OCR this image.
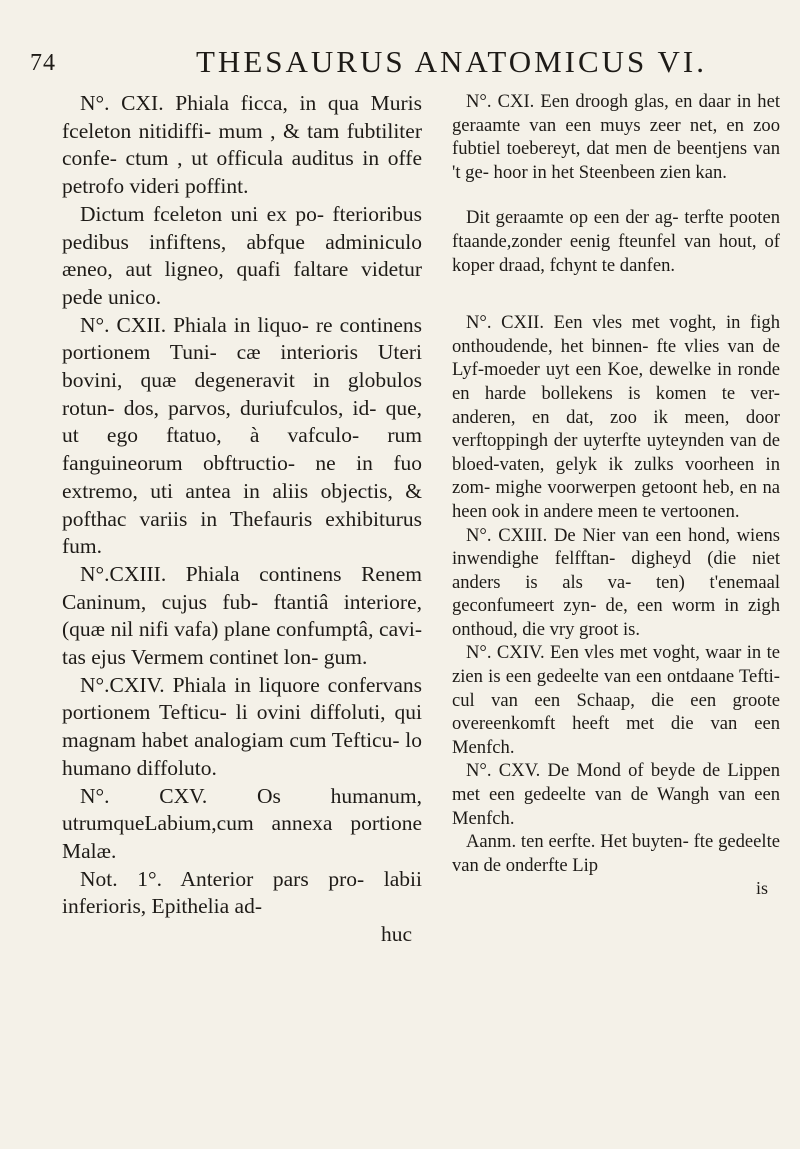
74	THESAURUS ANATOMICUS VI.

N°. CXI. Phiala ficca, in qua Muris fceleton nitidiffi- mum , & tam fubtiliter confe- ctum , ut officula auditus in offe petrofo videri poffint.

Dictum fceleton uni ex po- fterioribus pedibus infiftens, abfque adminiculo æneo, aut ligneo, quafi faltare videtur pede unico.

N°. CXII. Phiala in liquo- re continens portionem Tuni- cæ interioris Uteri bovini, quæ degeneravit in globulos rotun- dos, parvos, duriufculos, id- que, ut ego ftatuo, à vafculo- rum fanguineorum obftructio- ne in fuo extremo, uti antea in aliis objectis, & pofthac variis in Thefauris exhibiturus fum.

N°.CXIII. Phiala continens Renem Caninum, cujus fub- ftantiâ interiore, (quæ nil nifi vafa) plane confumptâ, cavi- tas ejus Vermem continet lon- gum.

N°.CXIV. Phiala in liquore confervans portionem Tefticu- li ovini diffoluti, qui magnam habet analogiam cum Tefticu- lo humano diffoluto.

N°. CXV. Os humanum, utrumqueLabium,cum annexa portione Malæ.

Not. 1°. Anterior pars pro- labii inferioris, Epithelia ad-

huc

N°. CXI. Een droogh glas, en daar in het geraamte van een muys zeer net, en zoo fubtiel toebereyt, dat men de beentjens van 't ge- hoor in het Steenbeen zien kan.

Dit geraamte op een der ag- terfte pooten ftaande,zonder eenig fteunfel van hout, of koper draad, fchynt te danfen.

N°. CXII. Een vles met voght, in figh onthoudende, het binnen- fte vlies van de Lyf-moeder uyt een Koe, dewelke in ronde en harde bollekens is komen te ver- anderen, en dat, zoo ik meen, door verftoppingh der uyterfte uyteynden van de bloed-vaten, gelyk ik zulks voorheen in zom- mighe voorwerpen getoont heb, en na heen ook in andere meen te vertoonen.

N°. CXIII. De Nier van een hond, wiens inwendighe felfftan- digheyd (die niet anders is als va- ten) t'enemaal geconfumeert zyn- de, een worm in zigh onthoud, die vry groot is.

N°. CXIV. Een vles met voght, waar in te zien is een gedeelte van een ontdaane Tefti- cul van een Schaap, die een groote overeenkomft heeft met die van een Menfch.

N°. CXV. De Mond of beyde de Lippen met een gedeelte van de Wangh van een Menfch.

Aanm. ten eerfte. Het buyten- fte gedeelte van de onderfte Lip

is
